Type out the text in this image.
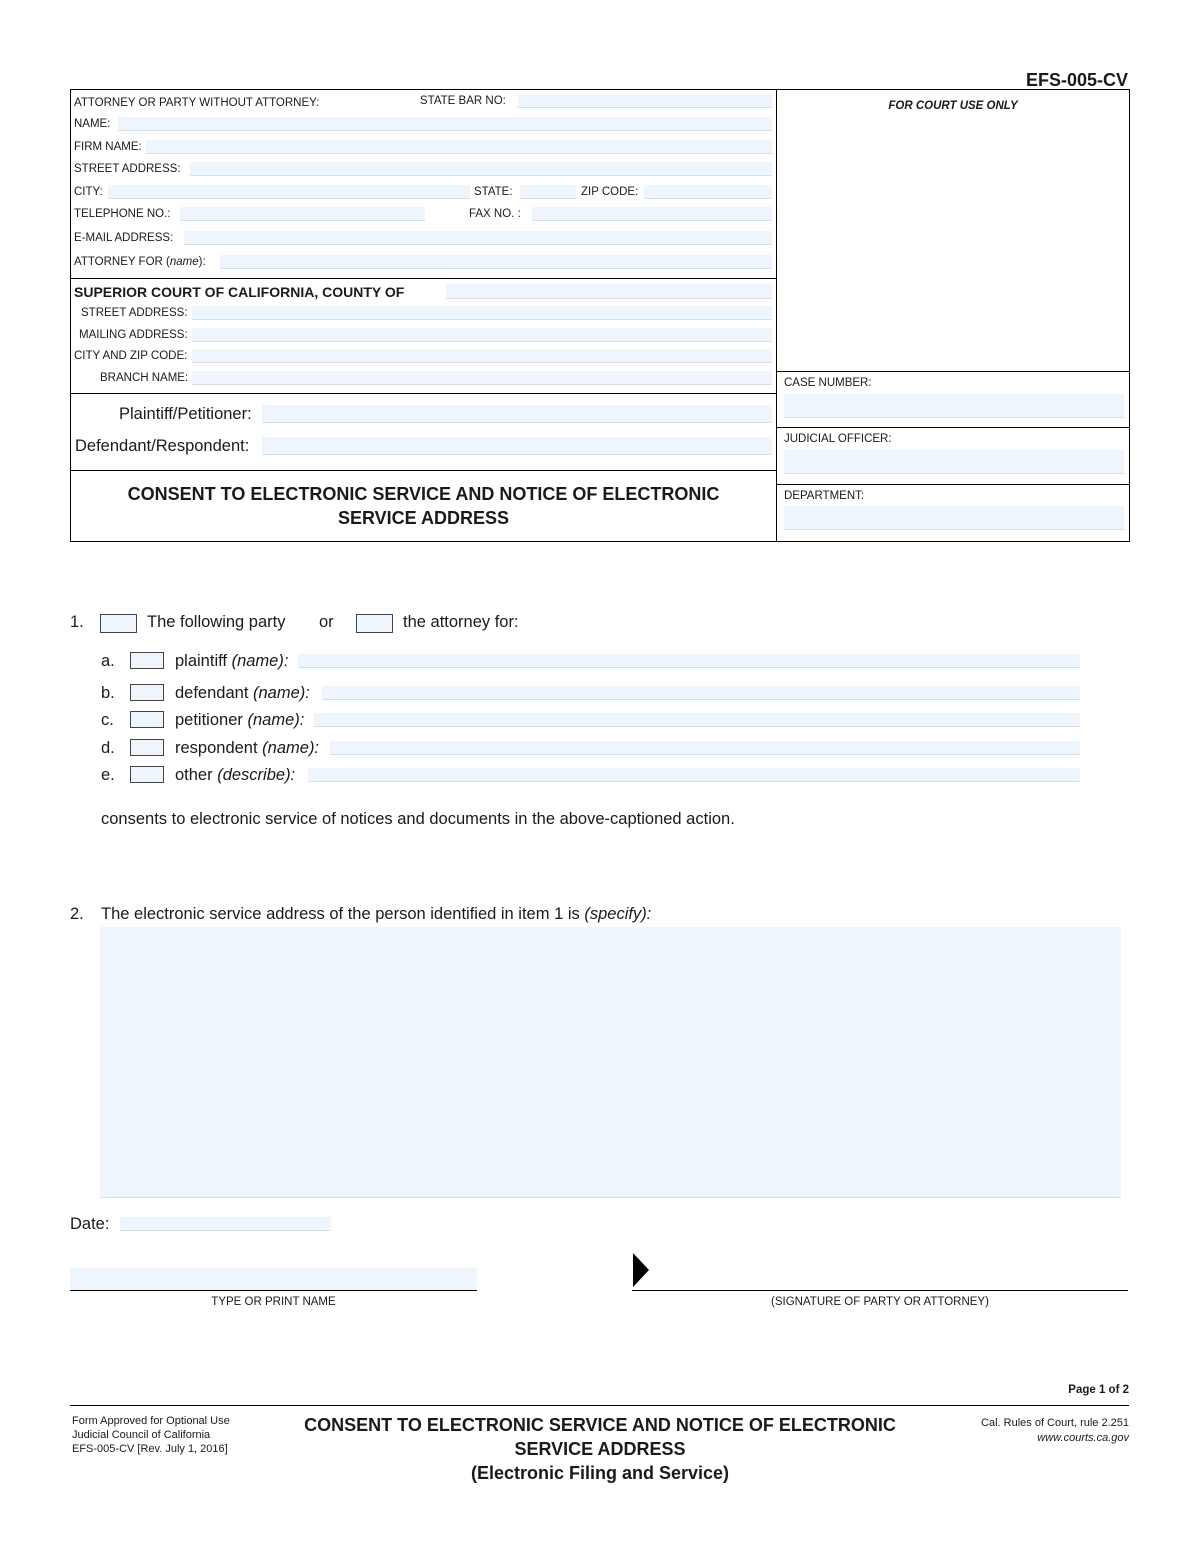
EFS-005-CV
ATTORNEY OR PARTY WITHOUT ATTORNEY:	STATE BAR NO:
NAME:
FIRM NAME:
STREET ADDRESS:
CITY:	STATE:	ZIP CODE:
TELEPHONE NO.:	FAX NO. :
E-MAIL ADDRESS:
ATTORNEY FOR (name):
FOR COURT USE ONLY
SUPERIOR COURT OF CALIFORNIA, COUNTY OF
STREET ADDRESS:
MAILING ADDRESS:
CITY AND ZIP CODE:
BRANCH NAME:
Plaintiff/Petitioner:
Defendant/Respondent:
CASE NUMBER:
JUDICIAL OFFICER:
DEPARTMENT:
CONSENT TO ELECTRONIC SERVICE AND NOTICE OF ELECTRONIC
SERVICE ADDRESS
1.	The following party or	the attorney for:
a.	plaintiff (name):
b.	defendant (name):
c.	petitioner (name):
d.	respondent (name):
e.	other (describe):
consents to electronic service of notices and documents in the above-captioned action.
2. The electronic service address of the person identified in item 1 is (specify):
Date:
TYPE OR PRINT NAME	(SIGNATURE OF PARTY OR ATTORNEY)
Page 1 of 2
Form Approved for Optional Use
Judicial Council of California
EFS-005-CV [Rev. July 1, 2016]
CONSENT TO ELECTRONIC SERVICE AND NOTICE OF ELECTRONIC
SERVICE ADDRESS
(Electronic Filing and Service)
Cal. Rules of Court, rule 2.251
www.courts.ca.gov
